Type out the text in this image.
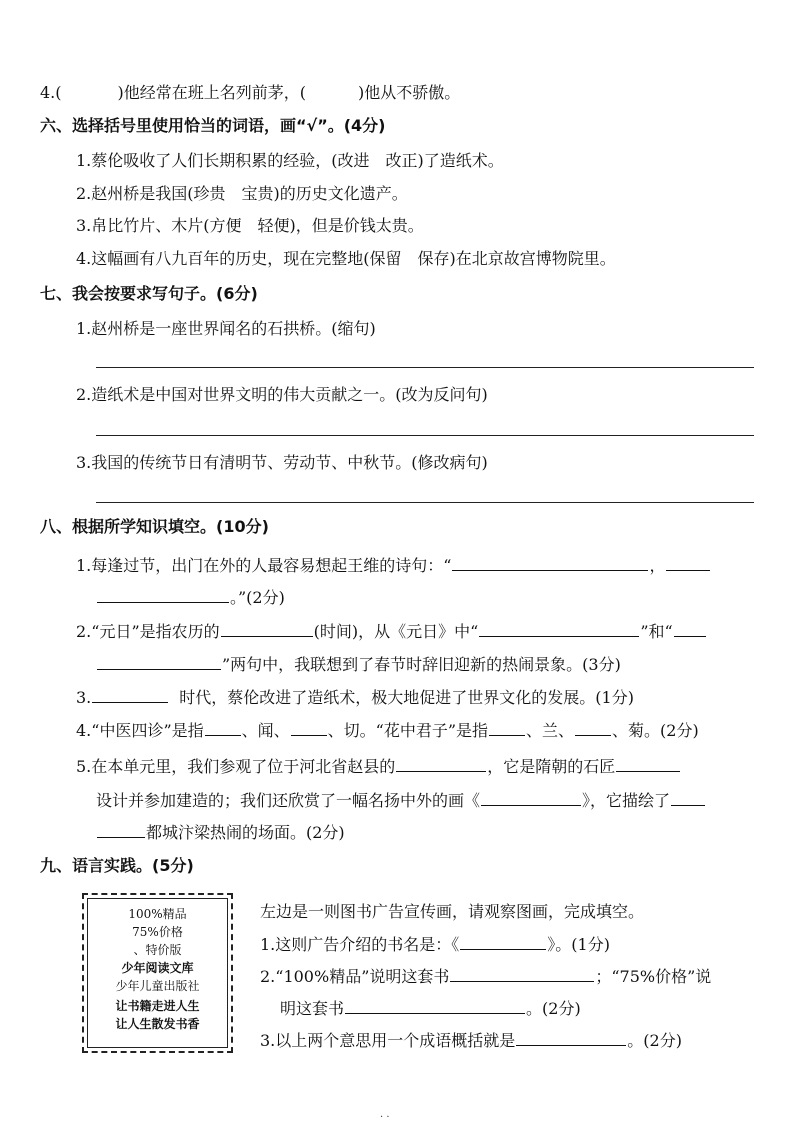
4.(	)他经常在班上名列前茅，(	)他从不骄傲。
六、选择括号里使用恰当的词语，画“√”。(4分)
1.蔡伦吸收了人们长期积累的经验，(改进　改正)了造纸术。
2.赵州桥是我国(珍贵　宝贵)的历史文化遗产。
3.帛比竹片、木片(方便　轻便)，但是价钱太贵。
4.这幅画有八九百年的历史，现在完整地(保留　保存)在北京故宫博物院里。
七、我会按要求写句子。(6分)
1.赵州桥是一座世界闻名的石拱桥。(缩句)
2.造纸术是中国对世界文明的伟大贡献之一。(改为反问句)
3.我国的传统节日有清明节、劳动节、中秋节。(修改病句)
八、根据所学知识填空。(10分)
1.每逢过节，出门在外的人最容易想起王维的诗句：“	，
。”(2分)
2.“元日”是指农历的	(时间)，从《元日》中“	”和“
”两句中，我联想到了春节时辞旧迎新的热闹景象。(3分)
3.	时代，蔡伦改进了造纸术，极大地促进了世界文化的发展。(1分)
4.“中医四诊”是指 、闻、 、切。“花中君子”是指 、兰、 、菊。(2分)
5.在本单元里，我们参观了位于河北省赵县的	，它是隋朝的石匠
设计并参加建造的；我们还欣赏了一幅名扬中外的画《	》，它描绘了
都城汴梁热闹的场面。(2分)
九、语言实践。(5分)
100%精品
75%价格
、特价版
少年阅读文库
少年儿童出版社
让书籍走进人生
让人生散发书香
左边是一则图书广告宣传画，请观察图画，完成填空。
1.这则广告介绍的书名是：《	》。(1分)
2.“100%精品”说明这套书	；“75%价格”说
明这套书	。(2分)
3.以上两个意思用一个成语概括就是	。(2分)
· ·
